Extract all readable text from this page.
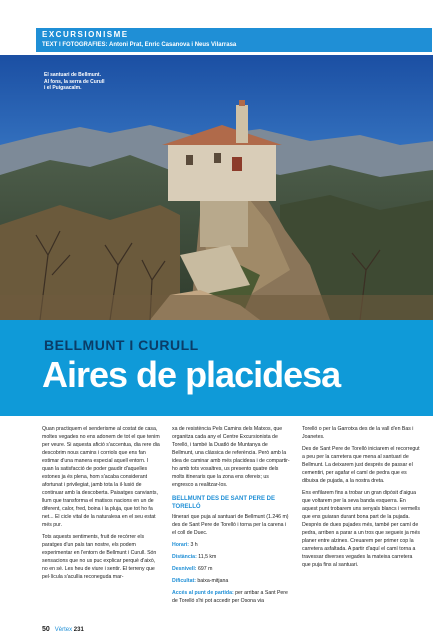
EXCURSIONISME
TEXT I FOTOGRAFIES: Antoni Prat, Enric Casanova i Neus Vilarrasa
El santuari de Bellmunt. Al fons, la serra de Curull i el Puigsacalm.
BELLMUNT I CURULL
Aires de placidesa

Quan practiquem el senderisme al costat de casa, moltes vegades no ens adonem de tot el que tenim per veure. Si aquesta afició s'accentua, dia rere dia descobrim nous camins i corriols que ens fan estimar d'una manera especial aquell entorn. I quan la satisfacció de poder gaudir d'aquelles estones ja és plena, hom s'acaba considerant afortunat i privilegiat, jamb tota la il·lusió de continuar amb la descoberta. Paisatges canviants, llum que transforma el matisos nacions en un de diferent, calor, fred, boina i la pluja, que tot ho fa net... El cicle vital de la naturalesa en el seu estat més pur.

Tots aquests sentiments, fruit de recórrer els paratges d'un país tan nostre, els podem experimentar en l'entorn de Bellmunt i Curull. Són sensacions que no us puc explicar perquè d'això, no en sé. Les heu de viure i sentir. El terreny que pel·lícula s'acullia reconeguda mar-

xa de resistència Pels Camins dels Matxos, que organitza cada any el Centre Excursionista de Torelló, i també la Duatló de Muntanya de Bellmunt, una clàssica de referència. Però amb la idea de caminar amb més placidesa i de compartir-ho amb tots vosaltres, us presento quatre dels molts itineraris que la zona ens ofereix; us engresco a realitzar-los.

BELLMUNT DES DE SANT PERE DE TORELLÓ

Itinerari que puja al santuari de Bellmunt (1.246 m) des de Sant Pere de Torelló i torna per la carena i el coll de Duec.

Horari: 3 h

Distància: 11,5 km

Desnivell: 697 m

Dificultat: baixa-mitjana

Accés al punt de partida: per arribar a Sant Pere de Torelló s'hi pot accedir per Osona via

Torelló o per la Garrotxa des de la vall d'en Bas i Joanetes.

Des de Sant Pere de Torelló iniciarem el recorregut a peu per la carretera que mena al santuari de Bellmunt. La deixarem just després de passar el cementiri, per agafar el camí de pedra que es dibuixa de pujada, a la nostra dreta.

Ens enfilarem fins a trobar un gran dipòsit d'aigua que voltarem per la seva banda esquerra. En aquest punt trobarem uns senyals blancs i vermells que ens guiaran durant bona part de la pujada. Després de dues pujades més, també per camí de pedra, arriben a parar a un tros que segueix ja més planer entre alzines. Creuarem per primer cop la carretera asfaltada. A partir d'aquí el camí torna a travessar diverses vegades la mateixa carretera que puja fins al santuari.

50 Vèrtex 231
